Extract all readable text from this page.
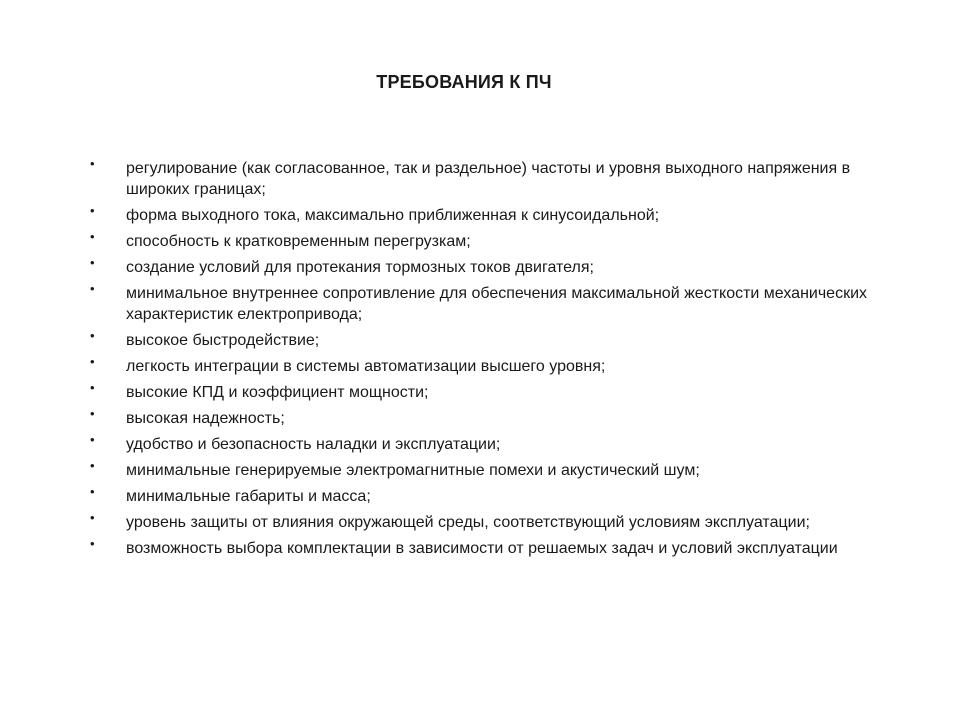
ТРЕБОВАНИЯ К ПЧ
• регулирование (как согласованное, так и раздельное) частоты и уровня выходного напряжения в широких границах;
• форма выходного тока, максимально приближенная к синусоидальной;
• способность к кратковременным перегрузкам;
• создание условий для протекания тормозных токов двигателя;
• минимальное внутреннее сопротивление для обеспечения максимальной жесткости механических характеристик електропривода;
• высокое быстродействие;
• легкость интеграции в системы автоматизации высшего уровня;
• высокие КПД и коэффициент мощности;
• высокая надежность;
• удобство и безопасность наладки и эксплуатации;
• минимальные генерируемые электромагнитные помехи и акустический шум;
• минимальные габариты и масса;
• уровень защиты от влияния окружающей среды, соответствующий условиям эксплуатации;
• возможность выбора комплектации в зависимости от решаемых задач и условий эксплуатации
